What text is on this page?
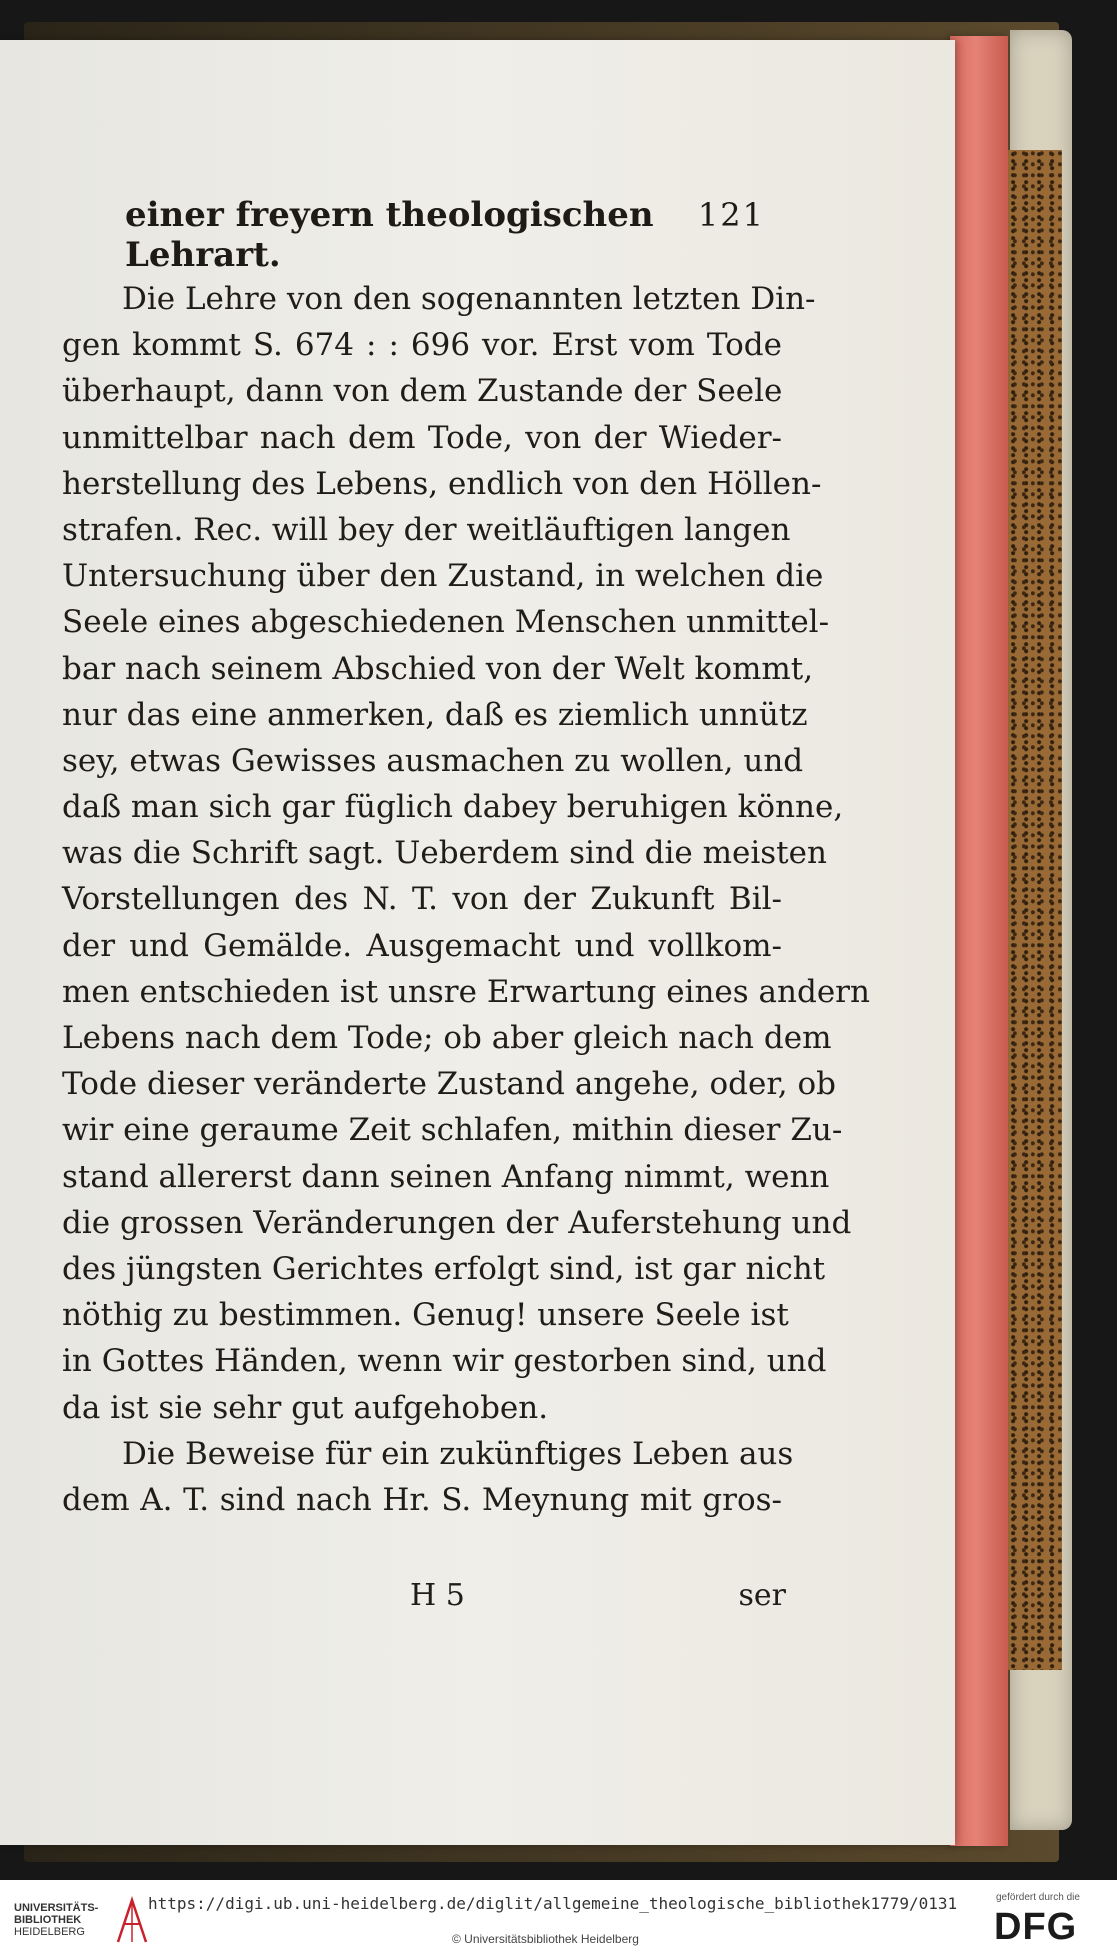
einer freyern theologischen Lehrart.
121
Die Lehre von den sogenannten letzten Din-
gen kommt S. 674 : : 696 vor. Erst vom Tode
überhaupt, dann von dem Zustande der Seele
unmittelbar nach dem Tode, von der Wieder-
herstellung des Lebens, endlich von den Höllen-
strafen. Rec. will bey der weitläuftigen langen
Untersuchung über den Zustand, in welchen die
Seele eines abgeschiedenen Menschen unmittel-
bar nach seinem Abschied von der Welt kommt,
nur das eine anmerken, daß es ziemlich unnütz
sey, etwas Gewisses ausmachen zu wollen, und
daß man sich gar füglich dabey beruhigen könne,
was die Schrift sagt. Ueberdem sind die meisten
Vorstellungen des N. T. von der Zukunft Bil-
der und Gemälde. Ausgemacht und vollkom-
men entschieden ist unsre Erwartung eines andern
Lebens nach dem Tode; ob aber gleich nach dem
Tode dieser veränderte Zustand angehe, oder, ob
wir eine geraume Zeit schlafen, mithin dieser Zu-
stand allererst dann seinen Anfang nimmt, wenn
die grossen Veränderungen der Auferstehung und
des jüngsten Gerichtes erfolgt sind, ist gar nicht
nöthig zu bestimmen. Genug! unsere Seele ist
in Gottes Händen, wenn wir gestorben sind, und
da ist sie sehr gut aufgehoben.
Die Beweise für ein zukünftiges Leben aus
dem A. T. sind nach Hr. S. Meynung mit gros-
H 5	ser
UNIVERSITÄTS-
BIBLIOTHEK
HEIDELBERG
https://digi.ub.uni-heidelberg.de/diglit/allgemeine_theologische_bibliothek1779/0131
© Universitätsbibliothek Heidelberg
gefördert durch die
DFG
